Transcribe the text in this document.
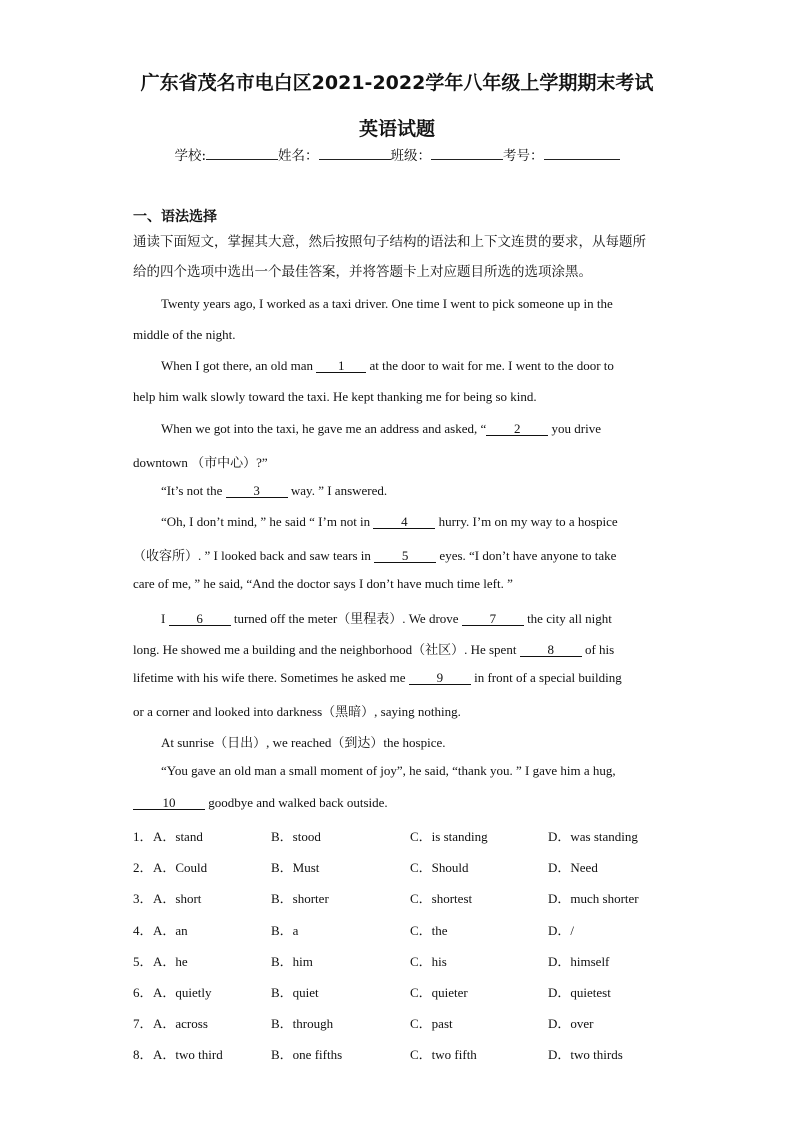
广东省茂名市电白区2021-2022学年八年级上学期期末考试
英语试题
学校:	姓名：	班级：	考号：
一、语法选择
通读下面短文，掌握其大意，然后按照句子结构的语法和上下文连贯的要求，从每题所
给的四个选项中选出一个最佳答案，并将答题卡上对应题目所选的选项涂黑。
Twenty years ago, I worked as a taxi driver. One time I went to pick someone up in the
middle of the night.
When I got there, an old man 1 at the door to wait for me. I went to the door to
help him walk slowly toward the taxi. He kept thanking me for being so kind.
When we got into the taxi, he gave me an address and asked, “ 2 you drive
downtown （市中心）?”
“It’s not the 3 way. ” I answered.
“Oh, I don’t mind, ” he said “ I’m not in 4 hurry. I’m on my way to a hospice
（收容所）. ” I looked back and saw tears in 5 eyes. “I don’t have anyone to take
care of me, ” he said, “And the doctor says I don’t have much time left. ”
I 6 turned off the meter（里程表）. We drove 7 the city all night
long. He showed me a building and the neighborhood（社区）. He spent 8 of his
lifetime with his wife there. Sometimes he asked me 9 in front of a special building
or a corner and looked into darkness（黑暗）, saying nothing.
At sunrise（日出）, we reached（到达）the hospice.
“You gave an old man a small moment of joy”, he said, “thank you. ” I gave him a hug,
10 goodbye and walked back outside.
1． A．stand	B．stood	C．is standing	D．was standing
2． A．Could	B．Must	C．Should	D．Need
3． A．short	B．shorter	C．shortest	D．much shorter
4． A．an	B．a	C．the	D．/
5． A．he	B．him	C．his	D．himself
6． A．quietly	B．quiet	C．quieter	D．quietest
7． A．across	B．through	C．past	D．over
8． A．two third	B．one fifths	C．two fifth	D．two thirds
